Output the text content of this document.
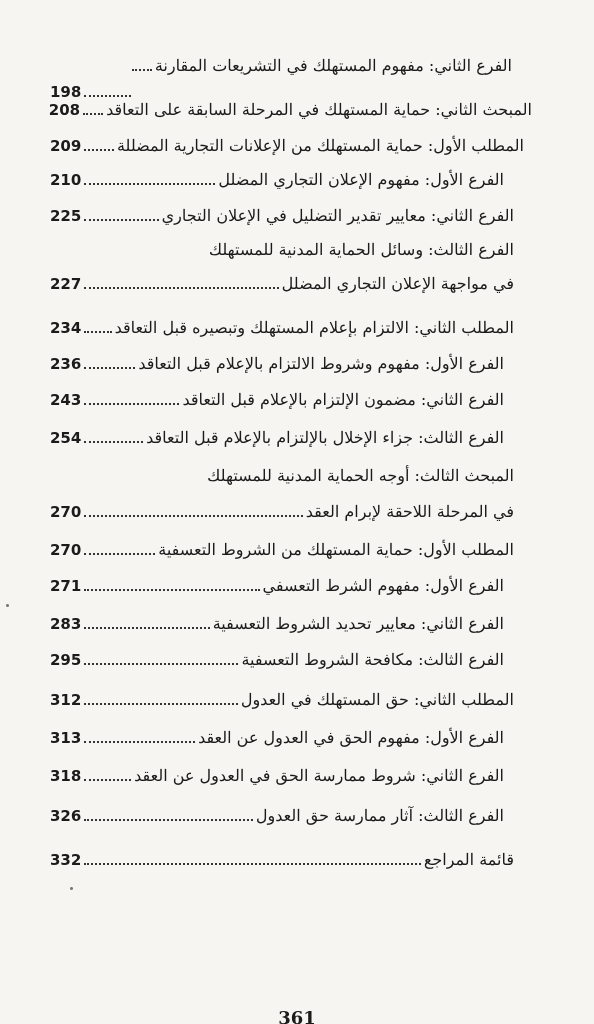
الفرع الثاني: مفهوم المستهلك في التشريعات المقارنة
198
المبحث الثاني: حماية المستهلك في المرحلة السابقة على التعاقد
208
المطلب الأول: حماية المستهلك من الإعلانات التجارية المضللة
209
الفرع الأول: مفهوم الإعلان التجاري المضلل
210
الفرع الثاني: معايير تقدير التضليل في الإعلان التجاري
225
الفرع الثالث: وسائل الحماية المدنية للمستهلك
في مواجهة الإعلان التجاري المضلل
227
المطلب الثاني: الالتزام بإعلام المستهلك وتبصيره قبل التعاقد
234
الفرع الأول: مفهوم وشروط الالتزام بالإعلام قبل التعاقد
236
الفرع الثاني: مضمون الإلتزام بالإعلام قبل التعاقد
243
الفرع الثالث: جزاء الإخلال بالإلتزام بالإعلام قبل التعاقد
254
المبحث الثالث: أوجه الحماية المدنية للمستهلك
في المرحلة اللاحقة لإبرام العقد
270
المطلب الأول: حماية المستهلك من الشروط التعسفية
270
الفرع الأول: مفهوم الشرط التعسفي
271
الفرع الثاني: معايير تحديد الشروط التعسفية
283
الفرع الثالث: مكافحة الشروط التعسفية
295
المطلب الثاني: حق المستهلك في العدول
312
الفرع الأول: مفهوم الحق في العدول عن العقد
313
الفرع الثاني: شروط ممارسة الحق في العدول عن العقد
318
الفرع الثالث: آثار ممارسة حق العدول
326
قائمة المراجع
332
361
